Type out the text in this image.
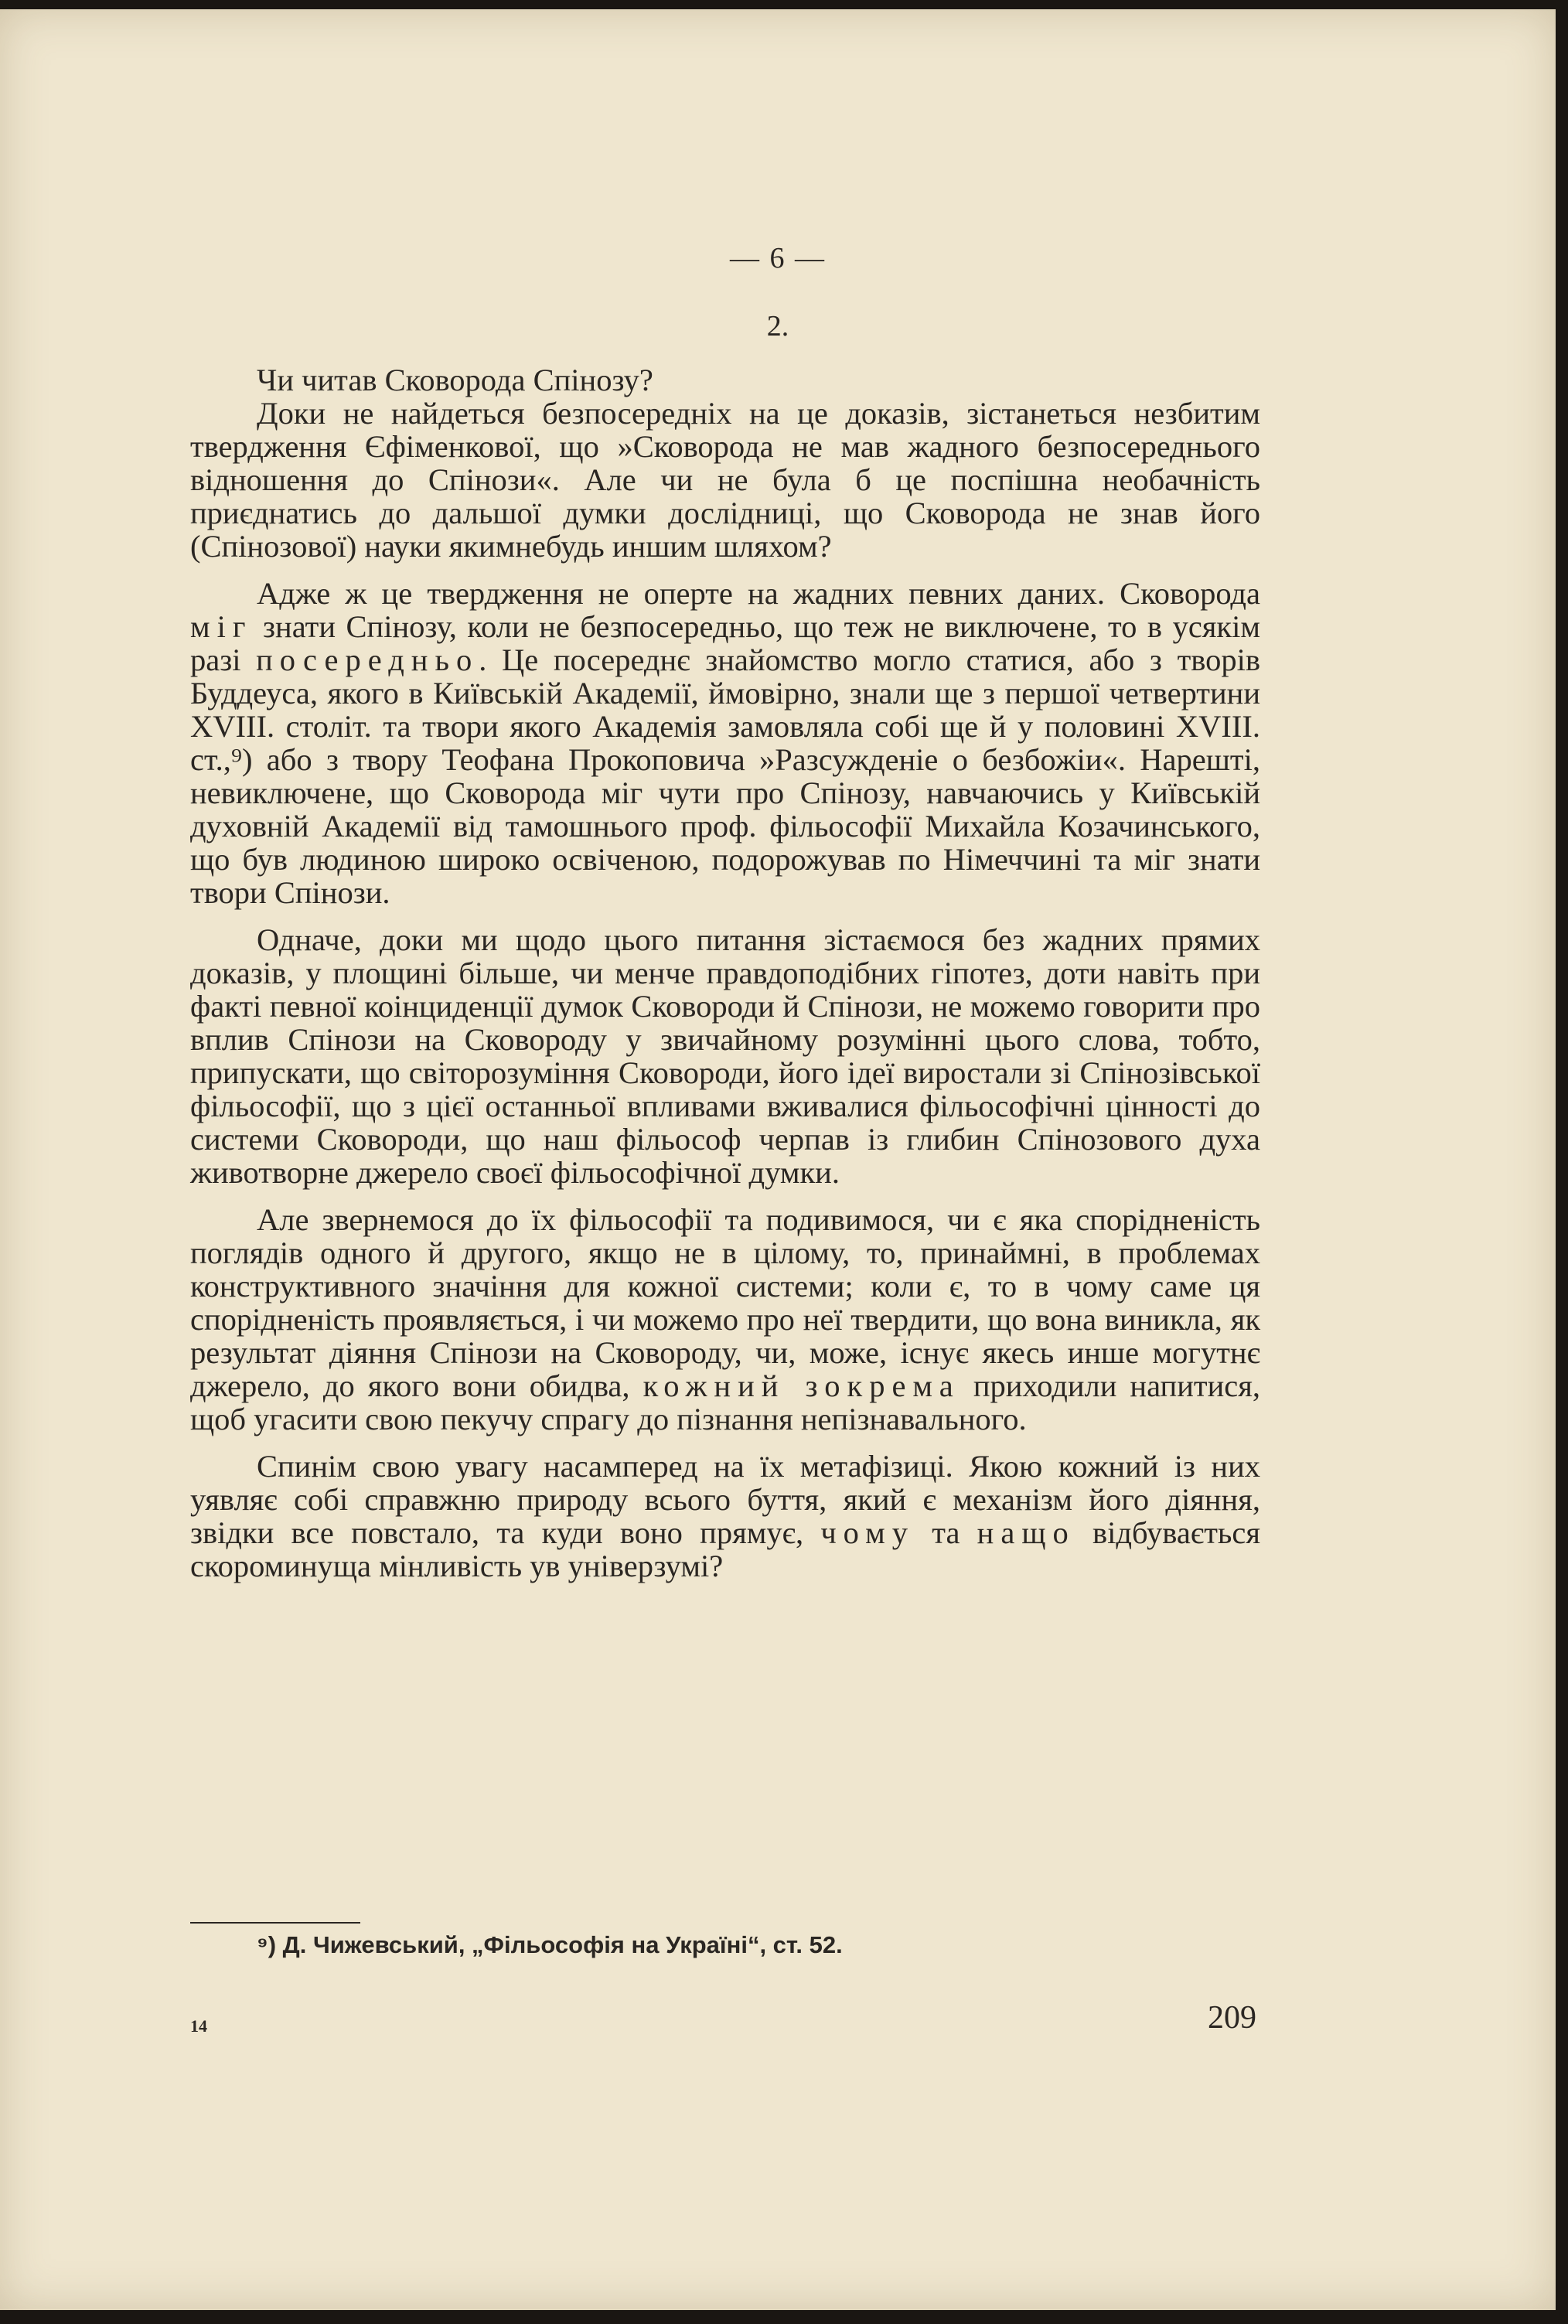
— 6 —
2.

Чи читав Сковорода Спінозу?

Доки не найдеться безпосередніх на це доказів, зістанеться незбитим твердження Єфіменкової, що »Сковорода не мав жадного безпосереднього відношення до Спінози«. Але чи не була б це поспішна необачність приєднатись до дальшої думки дослідниці, що Сковорода не знав його (Спінозової) науки якимнебудь иншим шляхом?

Адже ж це твердження не оперте на жадних певних даних. Сковорода міг знати Спінозу, коли не безпосередньо, що теж не виключене, то в усякім разі посередньо. Це посереднє знайомство могло статися, або з творів Буддеуса, якого в Київській Академії, ймовірно, знали ще з першої четвертини XVIII. століт. та твори якого Академія замовляла собі ще й у половині XVIII. ст.,⁹) або з твору Теофана Прокоповича »Разсужденіе о безбожіи«. Нарешті, невиключене, що Сковорода міг чути про Спінозу, навчаючись у Київській духовній Академії від тамошнього проф. фільософії Михайла Козачинського, що був людиною широко освіченою, подорожував по Німеччині та міг знати твори Спінози.

Одначе, доки ми щодо цього питання зістаємося без жадних прямих доказів, у площині більше, чи менче правдоподібних гіпотез, доти навіть при факті певної коінциденції думок Сковороди й Спінози, не можемо говорити про вплив Спінози на Сковороду у звичайному розумінні цього слова, тобто, припускати, що світорозуміння Сковороди, його ідеї виростали зі Спінозівської фільософії, що з цієї останньої впливами вживалися фільософічні цінності до системи Сковороди, що наш фільософ черпав із глибин Спінозового духа животворне джерело своєї фільософічної думки.

Але звернемося до їх фільософії та подивимося, чи є яка спорідненість поглядів одного й другого, якщо не в цілому, то, принаймні, в проблемах конструктивного значіння для кожної системи; коли є, то в чому саме ця спорідненість проявляється, і чи можемо про неї твердити, що вона виникла, як результат діяння Спінози на Сковороду, чи, може, існує якесь инше могутнє джерело, до якого вони обидва, кожний зокрема приходили напитися, щоб угасити свою пекучу спрагу до пізнання непізнавального.

Спинім свою увагу насамперед на їх метафізиці. Якою кожний із них уявляє собі справжню природу всього буття, який є механізм його діяння, звідки все повстало, та куди воно прямує, чому та нащо відбувається скороминуща мінливість ув універзумі?

⁹) Д. Чижевський, „Фільософія на Україні“, ст. 52.
14	209
